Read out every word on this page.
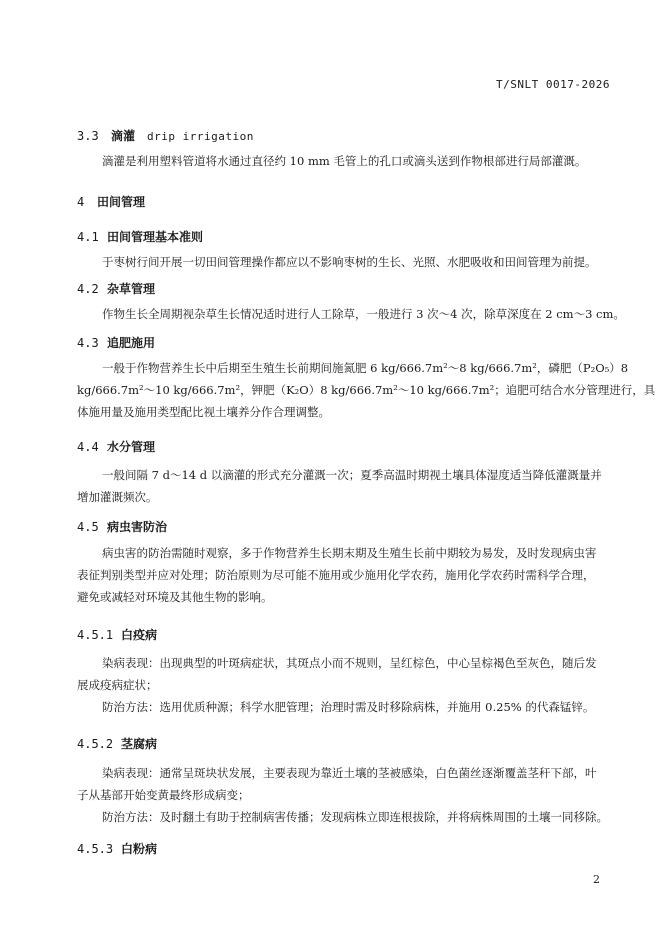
T/SNLT 0017-2026
3.3 滴灌 drip irrigation
滴灌是利用塑料管道将水通过直径约 10 mm 毛管上的孔口或滴头送到作物根部进行局部灌溉。
4 田间管理
4.1 田间管理基本准则
于枣树行间开展一切田间管理操作都应以不影响枣树的生长、光照、水肥吸收和田间管理为前提。
4.2 杂草管理
作物生长全周期视杂草生长情况适时进行人工除草，一般进行 3 次～4 次，除草深度在 2 cm～3 cm。
4.3 追肥施用
一般于作物营养生长中后期至生殖生长前期间施氮肥 6 kg/666.7m²～8 kg/666.7m²，磷肥（P₂O₅）8
kg/666.7m²～10 kg/666.7m²，钾肥（K₂O）8 kg/666.7m²～10 kg/666.7m²；追肥可结合水分管理进行，具
体施用量及施用类型配比视土壤养分作合理调整。
4.4 水分管理
一般间隔 7 d～14 d 以滴灌的形式充分灌溉一次；夏季高温时期视土壤具体湿度适当降低灌溉量并
增加灌溉频次。
4.5 病虫害防治
病虫害的防治需随时观察，多于作物营养生长期末期及生殖生长前中期较为易发，及时发现病虫害
表征判别类型并应对处理；防治原则为尽可能不施用或少施用化学农药，施用化学农药时需科学合理，
避免或减轻对环境及其他生物的影响。
4.5.1 白疫病
染病表现：出现典型的叶斑病症状，其斑点小而不规则，呈红棕色，中心呈棕褐色至灰色，随后发
展成疫病症状；
防治方法：选用优质种源；科学水肥管理；治理时需及时移除病株，并施用 0.25% 的代森锰锌。
4.5.2 茎腐病
染病表现：通常呈斑块状发展，主要表现为靠近土壤的茎被感染，白色菌丝逐渐覆盖茎秆下部，叶
子从基部开始变黄最终形成病变；
防治方法：及时翻土有助于控制病害传播；发现病株立即连根拔除，并将病株周围的土壤一同移除。
4.5.3 白粉病
2
